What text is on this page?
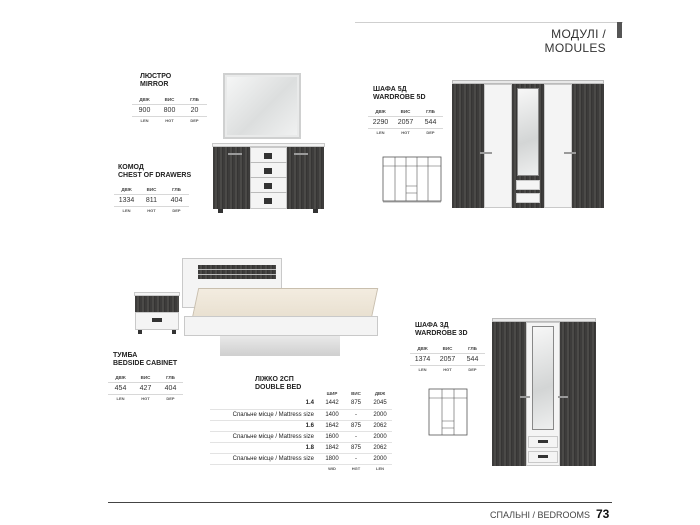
МОДУЛІ / MODULES
ЛЮСТРО
MIRROR
ДВЖ	ВИС	ГЛБ
900	800	20
LEN	HGT	DEP
КОМОД
CHEST OF DRAWERS
ДВЖ	ВИС	ГЛБ
1334	811	404
LEN	HGT	DEP
ШАФА 5Д
WARDROBE 5D
ДВЖ	ВИС	ГЛБ
2290	2057	544
LEN	HGT	DEP
ЛІЖКО 2СП
DOUBLE BED
	ШИР	ВИС	ДВЖ
1.4	1442	875	2045
Спальне місце / Mattress size	1400	-	2000
1.6	1642	875	2062
Спальне місце / Mattress size	1600	-	2000
1.8	1842	875	2062
Спальне місце / Mattress size	1800	-	2000
	WID	HGT	LEN
ТУМБА
BEDSIDE CABINET
ДВЖ	ВИС	ГЛБ
454	427	404
LEN	HGT	DEP
ШАФА 3Д
WARDROBE 3D
ДВЖ	ВИС	ГЛБ
1374	2057	544
LEN	HGT	DEP
СПАЛЬНІ / BEDROOMS 73
